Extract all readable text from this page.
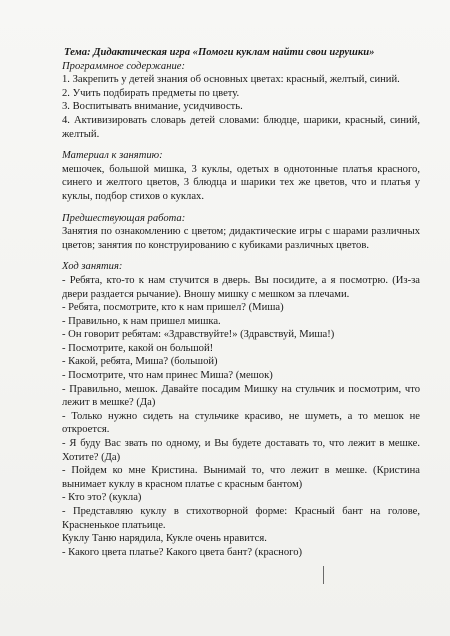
Тема: Дидактическая игра «Помоги куклам найти свои игрушки»

Программное содержание:

1. Закрепить у детей знания об основных цветах: красный, желтый, синий.

2. Учить подбирать предметы по цвету.

3. Воспитывать внимание, усидчивость.

4. Активизировать словарь детей словами: блюдце, шарики, красный, синий, желтый.

Материал к занятию:

мешочек, большой мишка, 3 куклы, одетых в однотонные платья красного, синего и желтого цветов, 3 блюдца и шарики тех же цветов, что и платья у куклы, подбор стихов о куклах.

Предшествующая работа:

Занятия по ознакомлению с цветом; дидактические игры с шарами различных цветов; занятия по конструированию с кубиками различных цветов.

Ход занятия:

- Ребята, кто-то к нам стучится в дверь. Вы посидите, а я посмотрю. (Из-за двери раздается рычание). Вношу мишку с мешком за плечами.

- Ребята, посмотрите, кто к нам пришел? (Миша)

- Правильно, к нам пришел мишка.

- Он говорит ребятам: «Здравствуйте!» (Здравствуй, Миша!)

- Посмотрите, какой он большой!

- Какой, ребята, Миша? (большой)

- Посмотрите, что нам принес Миша? (мешок)

- Правильно, мешок. Давайте посадим Мишку на стульчик и посмотрим, что лежит в мешке? (Да)

- Только нужно сидеть на стульчике красиво, не шуметь, а то мешок не откроется.

- Я буду Вас звать по одному, и Вы будете доставать то, что лежит в мешке. Хотите? (Да)

- Пойдем ко мне Кристина. Вынимай то, что лежит в мешке. (Кристина вынимает куклу в красном платье с красным бантом)

- Кто это? (кукла)

- Представляю куклу в стихотворной форме: Красный бант на голове, Красненькое платьице.

Куклу Таню нарядила, Кукле очень нравится.

- Какого цвета платье? Какого цвета бант? (красного)
